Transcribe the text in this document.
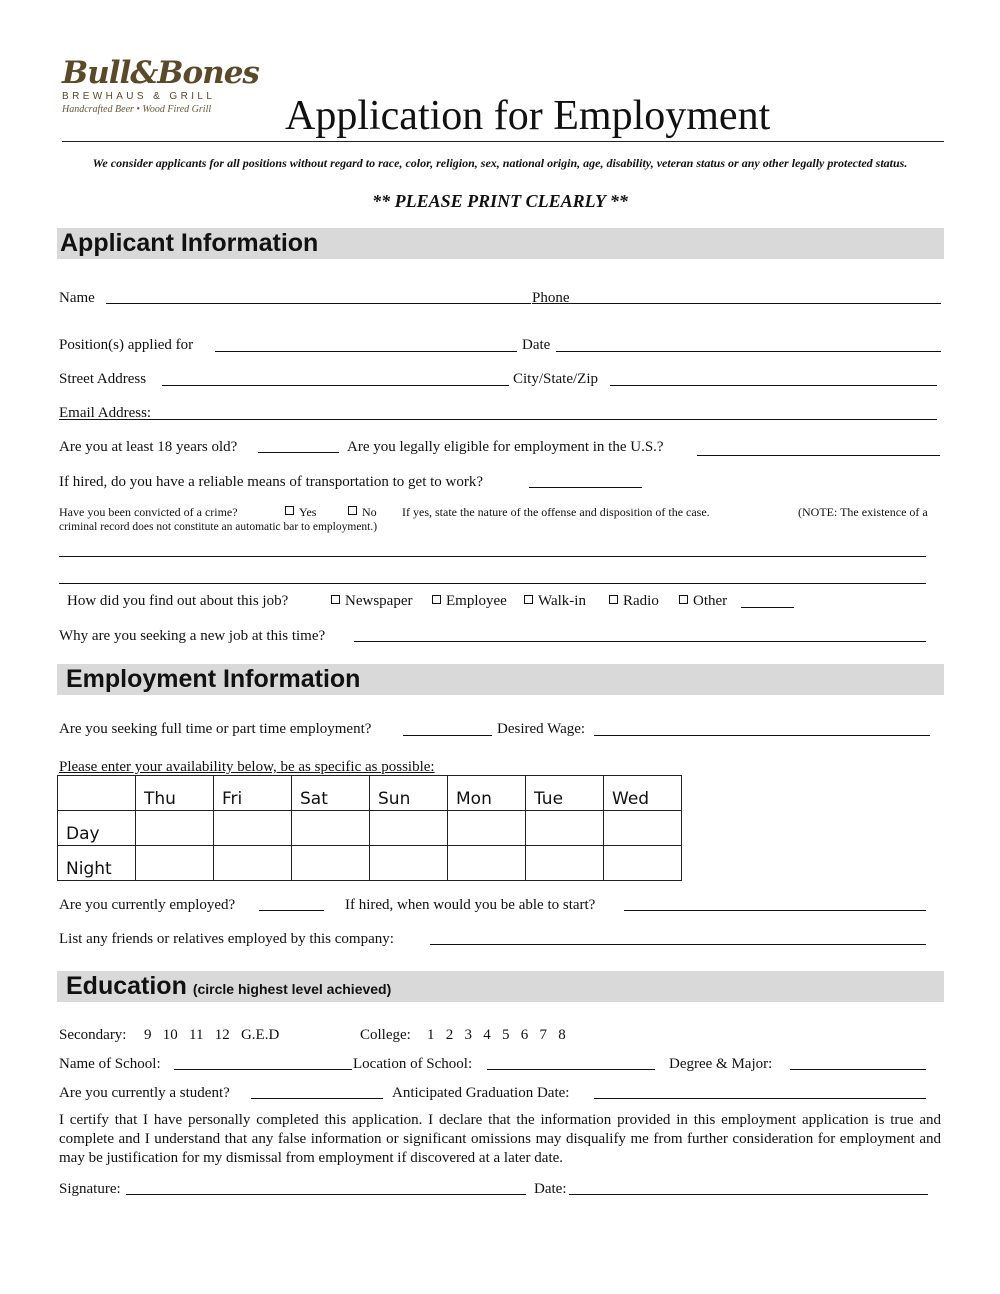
Bull&Bones
BREWHAUS & GRILL
Handcrafted Beer • Wood Fired Grill	Application for Employment
We consider applicants for all positions without regard to race, color, religion, sex, national origin, age, disability, veteran status or any other legally protected status.
** PLEASE PRINT CLEARLY **
Applicant Information
Name	Phone
Position(s) applied for	Date
Street Address	City/State/Zip
Email Address:
Are you at least 18 years old?	Are you legally eligible for employment in the U.S.?
If hired, do you have a reliable means of transportation to get to work?
Have you been convicted of a crime?	Yes	No If yes, state the nature of the offense and disposition of the case.	(NOTE: The existence of a
criminal record does not constitute an automatic bar to employment.)
How did you find out about this job?	Newspaper	Employee	Walk-in	Radio	Other
Why are you seeking a new job at this time?
Employment Information
Are you seeking full time or part time employment?	Desired Wage:
Please enter your availability below, be as specific as possible:
	Thu	Fri	Sat	Sun	Mon	Tue	Wed
Day							
Night							
Are you currently employed?	If hired, when would you be able to start?
List any friends or relatives employed by this company:
Education (circle highest level achieved)
Secondary: 9   10   11   12   G.E.D	College: 1   2   3   4   5   6   7   8
Name of School:	Location of School:	Degree & Major:
Are you currently a student?	Anticipated Graduation Date:
I certify that I have personally completed this application. I declare that the information provided in this employment application is true and complete and I understand that any false information or significant omissions may disqualify me from further consideration for employment and may be justification for my dismissal from employment if discovered at a later date.
Signature:	Date:
